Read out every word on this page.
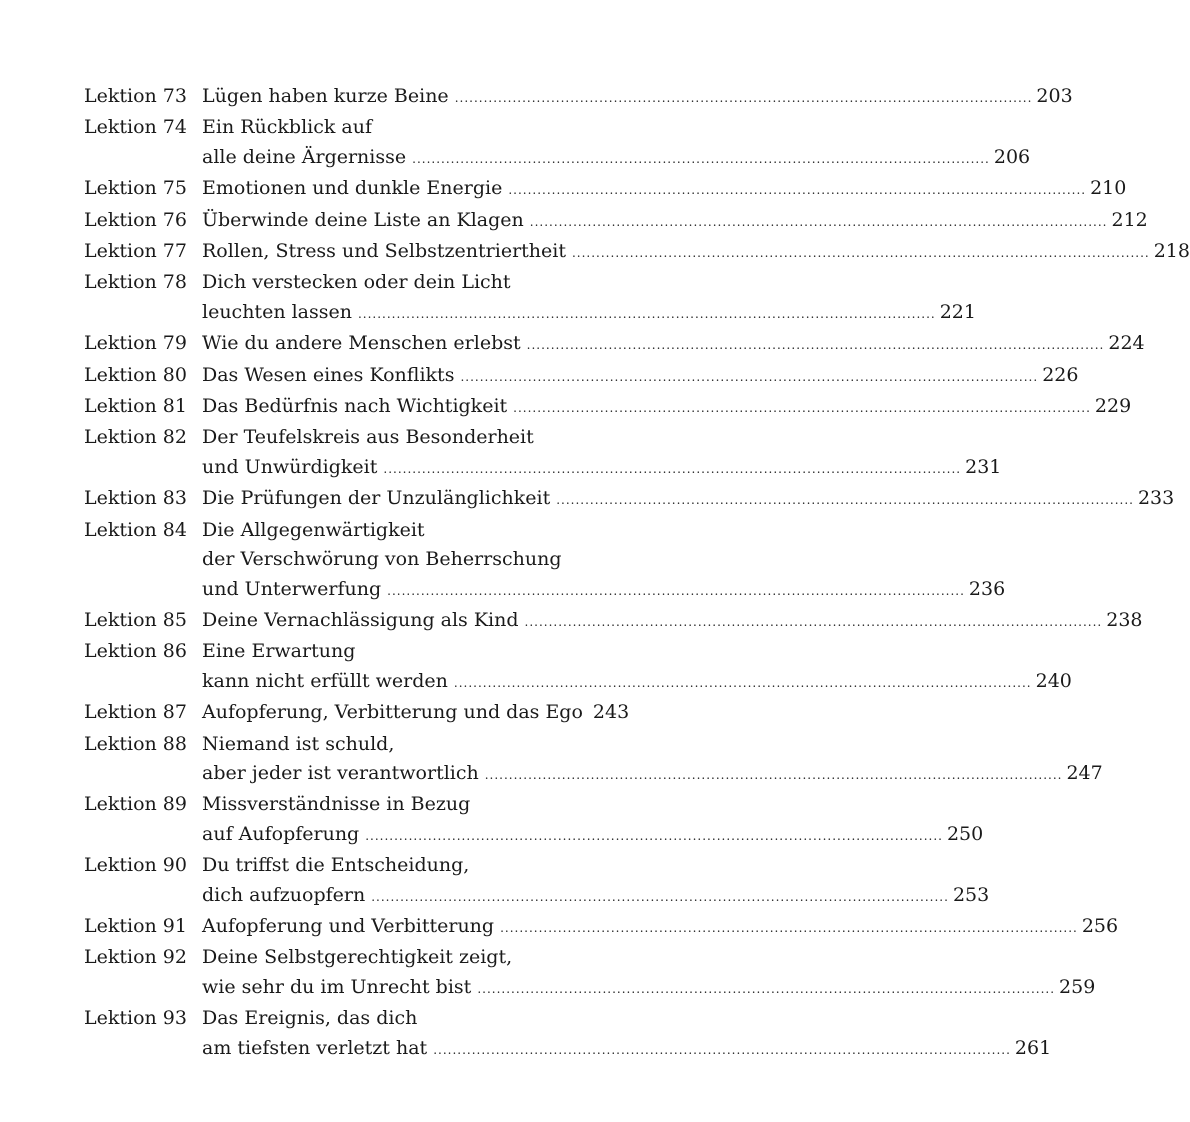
Lektion 73 Lügen haben kurze Beine ........................................................................................................................ 203
Lektion 74 Ein Rückblick auf
alle deine Ärgernisse ........................................................................................................................ 206
Lektion 75 Emotionen und dunkle Energie ........................................................................................................................ 210
Lektion 76 Überwinde deine Liste an Klagen ........................................................................................................................ 212
Lektion 77 Rollen, Stress und Selbstzentriertheit ........................................................................................................................ 218
Lektion 78 Dich verstecken oder dein Licht
leuchten lassen ........................................................................................................................ 221
Lektion 79 Wie du andere Menschen erlebst ........................................................................................................................ 224
Lektion 80 Das Wesen eines Konflikts ........................................................................................................................ 226
Lektion 81 Das Bedürfnis nach Wichtigkeit ........................................................................................................................ 229
Lektion 82 Der Teufelskreis aus Besonderheit
und Unwürdigkeit ........................................................................................................................ 231
Lektion 83 Die Prüfungen der Unzulänglichkeit ........................................................................................................................ 233
Lektion 84 Die Allgegenwärtigkeit
der Verschwörung von Beherrschung
und Unterwerfung ........................................................................................................................ 236
Lektion 85 Deine Vernachlässigung als Kind ........................................................................................................................ 238
Lektion 86 Eine Erwartung
kann nicht erfüllt werden ........................................................................................................................ 240
Lektion 87 Aufopferung, Verbitterung und das Ego 243
Lektion 88 Niemand ist schuld,
aber jeder ist verantwortlich ........................................................................................................................ 247
Lektion 89 Missverständnisse in Bezug
auf Aufopferung ........................................................................................................................ 250
Lektion 90 Du triffst die Entscheidung,
dich aufzuopfern ........................................................................................................................ 253
Lektion 91 Aufopferung und Verbitterung ........................................................................................................................ 256
Lektion 92 Deine Selbstgerechtigkeit zeigt,
wie sehr du im Unrecht bist ........................................................................................................................ 259
Lektion 93 Das Ereignis, das dich
am tiefsten verletzt hat ........................................................................................................................ 261
